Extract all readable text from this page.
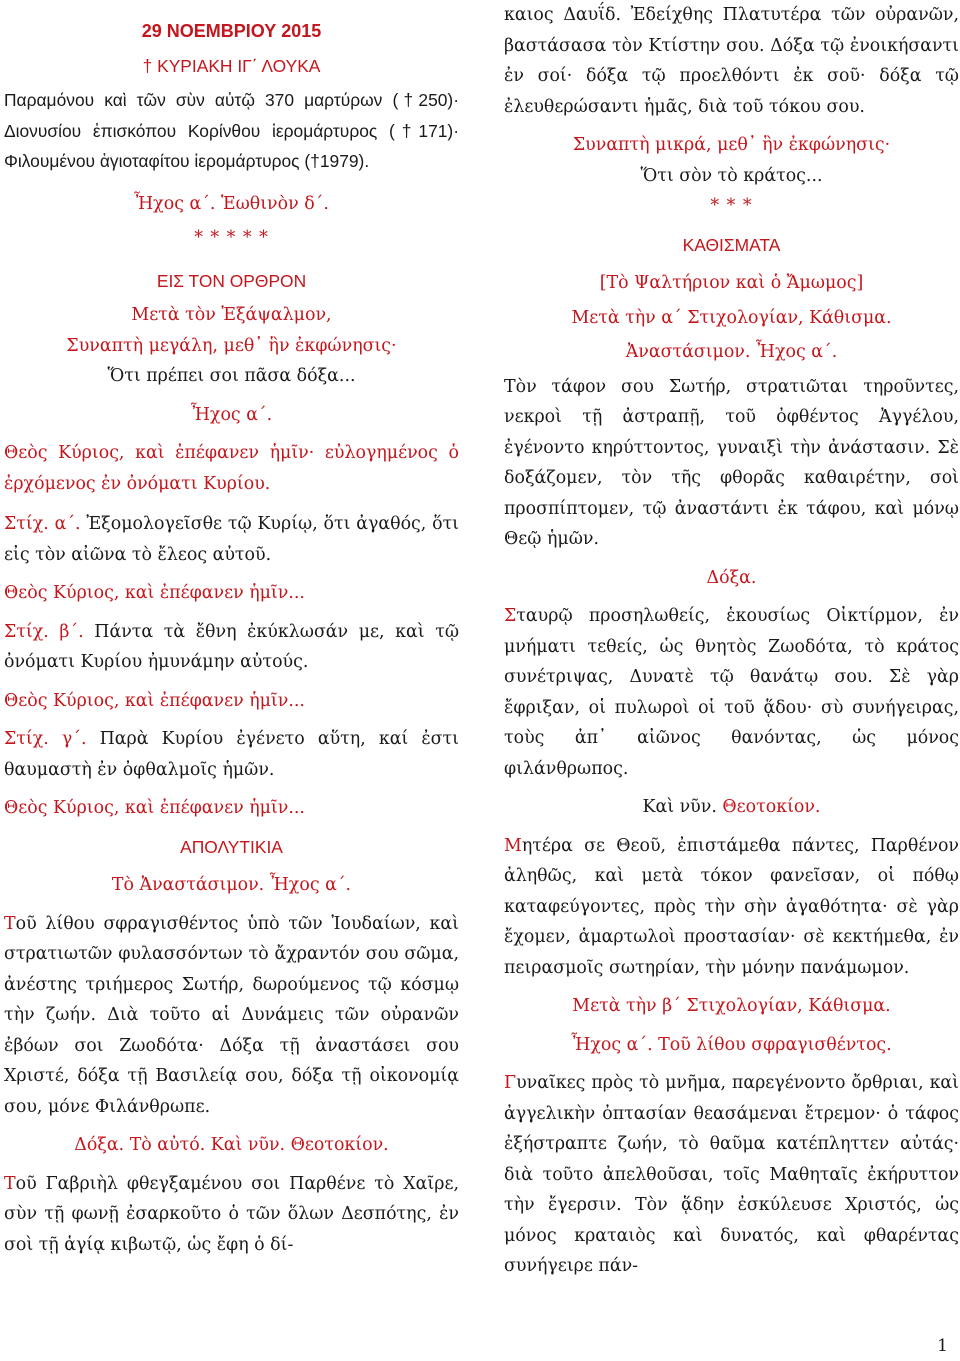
29 ΝΟΕΜΒΡΙΟΥ 2015
† ΚΥΡΙΑΚΗ ΙΓ΄ ΛΟΥΚΑ

Παραμόνου καὶ τῶν σὺν αὐτῷ 370 μαρτύρων (†250)· Διονυσίου ἐπισκόπου Κορίνθου ἱερομάρτυρος (†171)· Φιλουμένου ἁγιοταφίτου ἱερομάρτυρος (†1979).

Ἦχος α΄. Ἑωθινὸν δ΄.
* * * * *
ΕΙΣ ΤΟΝ ΟΡΘΡΟΝ
Μετὰ τὸν Ἑξάψαλμον,
Συναπτὴ μεγάλη, μεθ᾿ ἣν ἐκφώνησις·
Ὅτι πρέπει σοι πᾶσα δόξα...
Ἦχος α΄.

Θεὸς Κύριος, καὶ ἐπέφανεν ἡμῖν· εὐλογημένος ὁ ἐρχόμενος ἐν ὀνόματι Κυρίου.

Στίχ. α΄. Ἐξομολογεῖσθε τῷ Κυρίῳ, ὅτι ἀγαθός, ὅτι εἰς τὸν αἰῶνα τὸ ἔλεος αὐτοῦ.

Θεὸς Κύριος, καὶ ἐπέφανεν ἡμῖν...

Στίχ. β΄. Πάντα τὰ ἔθνη ἐκύκλωσάν με, καὶ τῷ ὀνόματι Κυρίου ἠμυνάμην αὐτούς.

Θεὸς Κύριος, καὶ ἐπέφανεν ἡμῖν...

Στίχ. γ΄. Παρὰ Κυρίου ἐγένετο αὕτη, καί ἐστι θαυμαστὴ ἐν ὀφθαλμοῖς ἡμῶν.

Θεὸς Κύριος, καὶ ἐπέφανεν ἡμῖν...

ΑΠΟΛΥΤΙΚΙΑ
Τὸ Ἀναστάσιμον. Ἦχος α΄.

Τοῦ λίθου σφραγισθέντος ὑπὸ τῶν Ἰουδαίων, καὶ στρατιωτῶν φυλασσόντων τὸ ἄχραντόν σου σῶμα, ἀνέστης τριήμερος Σωτήρ, δωρούμενος τῷ κόσμῳ τὴν ζωήν. Διὰ τοῦτο αἱ Δυνάμεις τῶν οὐρανῶν ἐβόων σοι Ζωοδότα· Δόξα τῇ ἀναστάσει σου Χριστέ, δόξα τῇ Βασιλείᾳ σου, δόξα τῇ οἰκονομίᾳ σου, μόνε Φιλάνθρωπε.

Δόξα. Τὸ αὐτό. Καὶ νῦν. Θεοτοκίον.

Τοῦ Γαβριὴλ φθεγξαμένου σοι Παρθένε τὸ Χαῖρε, σὺν τῇ φωνῇ ἐσαρκοῦτο ὁ τῶν ὅλων Δεσπότης, ἐν σοὶ τῇ ἁγίᾳ κιβωτῷ, ὡς ἔφη ὁ δί-

καιος Δαυΐδ. Ἐδείχθης Πλατυτέρα τῶν οὐρανῶν, βαστάσασα τὸν Κτίστην σου. Δόξα τῷ ἐνοικήσαντι ἐν σοί· δόξα τῷ προελθόντι ἐκ σοῦ· δόξα τῷ ἐλευθερώσαντι ἡμᾶς, διὰ τοῦ τόκου σου.

Συναπτὴ μικρά, μεθ᾿ ἣν ἐκφώνησις·
Ὅτι σὸν τὸ κράτος...
* * *
ΚΑΘΙΣΜΑΤΑ
[Τὸ Ψαλτήριον καὶ ὁ Ἄμωμος]
Μετὰ τὴν α΄ Στιχολογίαν, Κάθισμα.
Ἀναστάσιμον. Ἦχος α΄.

Τὸν τάφον σου Σωτήρ, στρατιῶται τηροῦντες, νεκροὶ τῇ ἀστραπῇ, τοῦ ὀφθέντος Ἀγγέλου, ἐγένοντο κηρύττοντος, γυναιξὶ τὴν ἀνάστασιν. Σὲ δοξάζομεν, τὸν τῆς φθορᾶς καθαιρέτην, σοὶ προσπίπτομεν, τῷ ἀναστάντι ἐκ τάφου, καὶ μόνῳ Θεῷ ἡμῶν.

Δόξα.

Σταυρῷ προσηλωθείς, ἑκουσίως Οἰκτίρμον, ἐν μνήματι τεθείς, ὡς θνητὸς Ζωοδότα, τὸ κράτος συνέτριψας, Δυνατὲ τῷ θανάτῳ σου. Σὲ γὰρ ἔφριξαν, οἱ πυλωροὶ οἱ τοῦ ᾅδου· σὺ συνήγειρας, τοὺς ἀπ᾿ αἰῶνος θανόντας, ὡς μόνος φιλάνθρωπος.

Καὶ νῦν. Θεοτοκίον.

Μητέρα σε Θεοῦ, ἐπιστάμεθα πάντες, Παρθένον ἀληθῶς, καὶ μετὰ τόκον φανεῖσαν, οἱ πόθῳ καταφεύγοντες, πρὸς τὴν σὴν ἀγαθότητα· σὲ γὰρ ἔχομεν, ἁμαρτωλοὶ προστασίαν· σὲ κεκτήμεθα, ἐν πειρασμοῖς σωτηρίαν, τὴν μόνην πανάμωμον.

Μετὰ τὴν β΄ Στιχολογίαν, Κάθισμα.
Ἦχος α΄. Τοῦ λίθου σφραγισθέντος.

Γυναῖκες πρὸς τὸ μνῆμα, παρεγένοντο ὄρθριαι, καὶ ἀγγελικὴν ὀπτασίαν θεασάμεναι ἔτρεμον· ὁ τάφος ἐξήστραπτε ζωήν, τὸ θαῦμα κατέπληττεν αὐτάς· διὰ τοῦτο ἀπελθοῦσαι, τοῖς Μαθηταῖς ἐκήρυττον τὴν ἔγερσιν. Τὸν ᾅδην ἐσκύλευσε Χριστός, ὡς μόνος κραταιὸς καὶ δυνατός, καὶ φθαρέντας συνήγειρε πάν-

1
